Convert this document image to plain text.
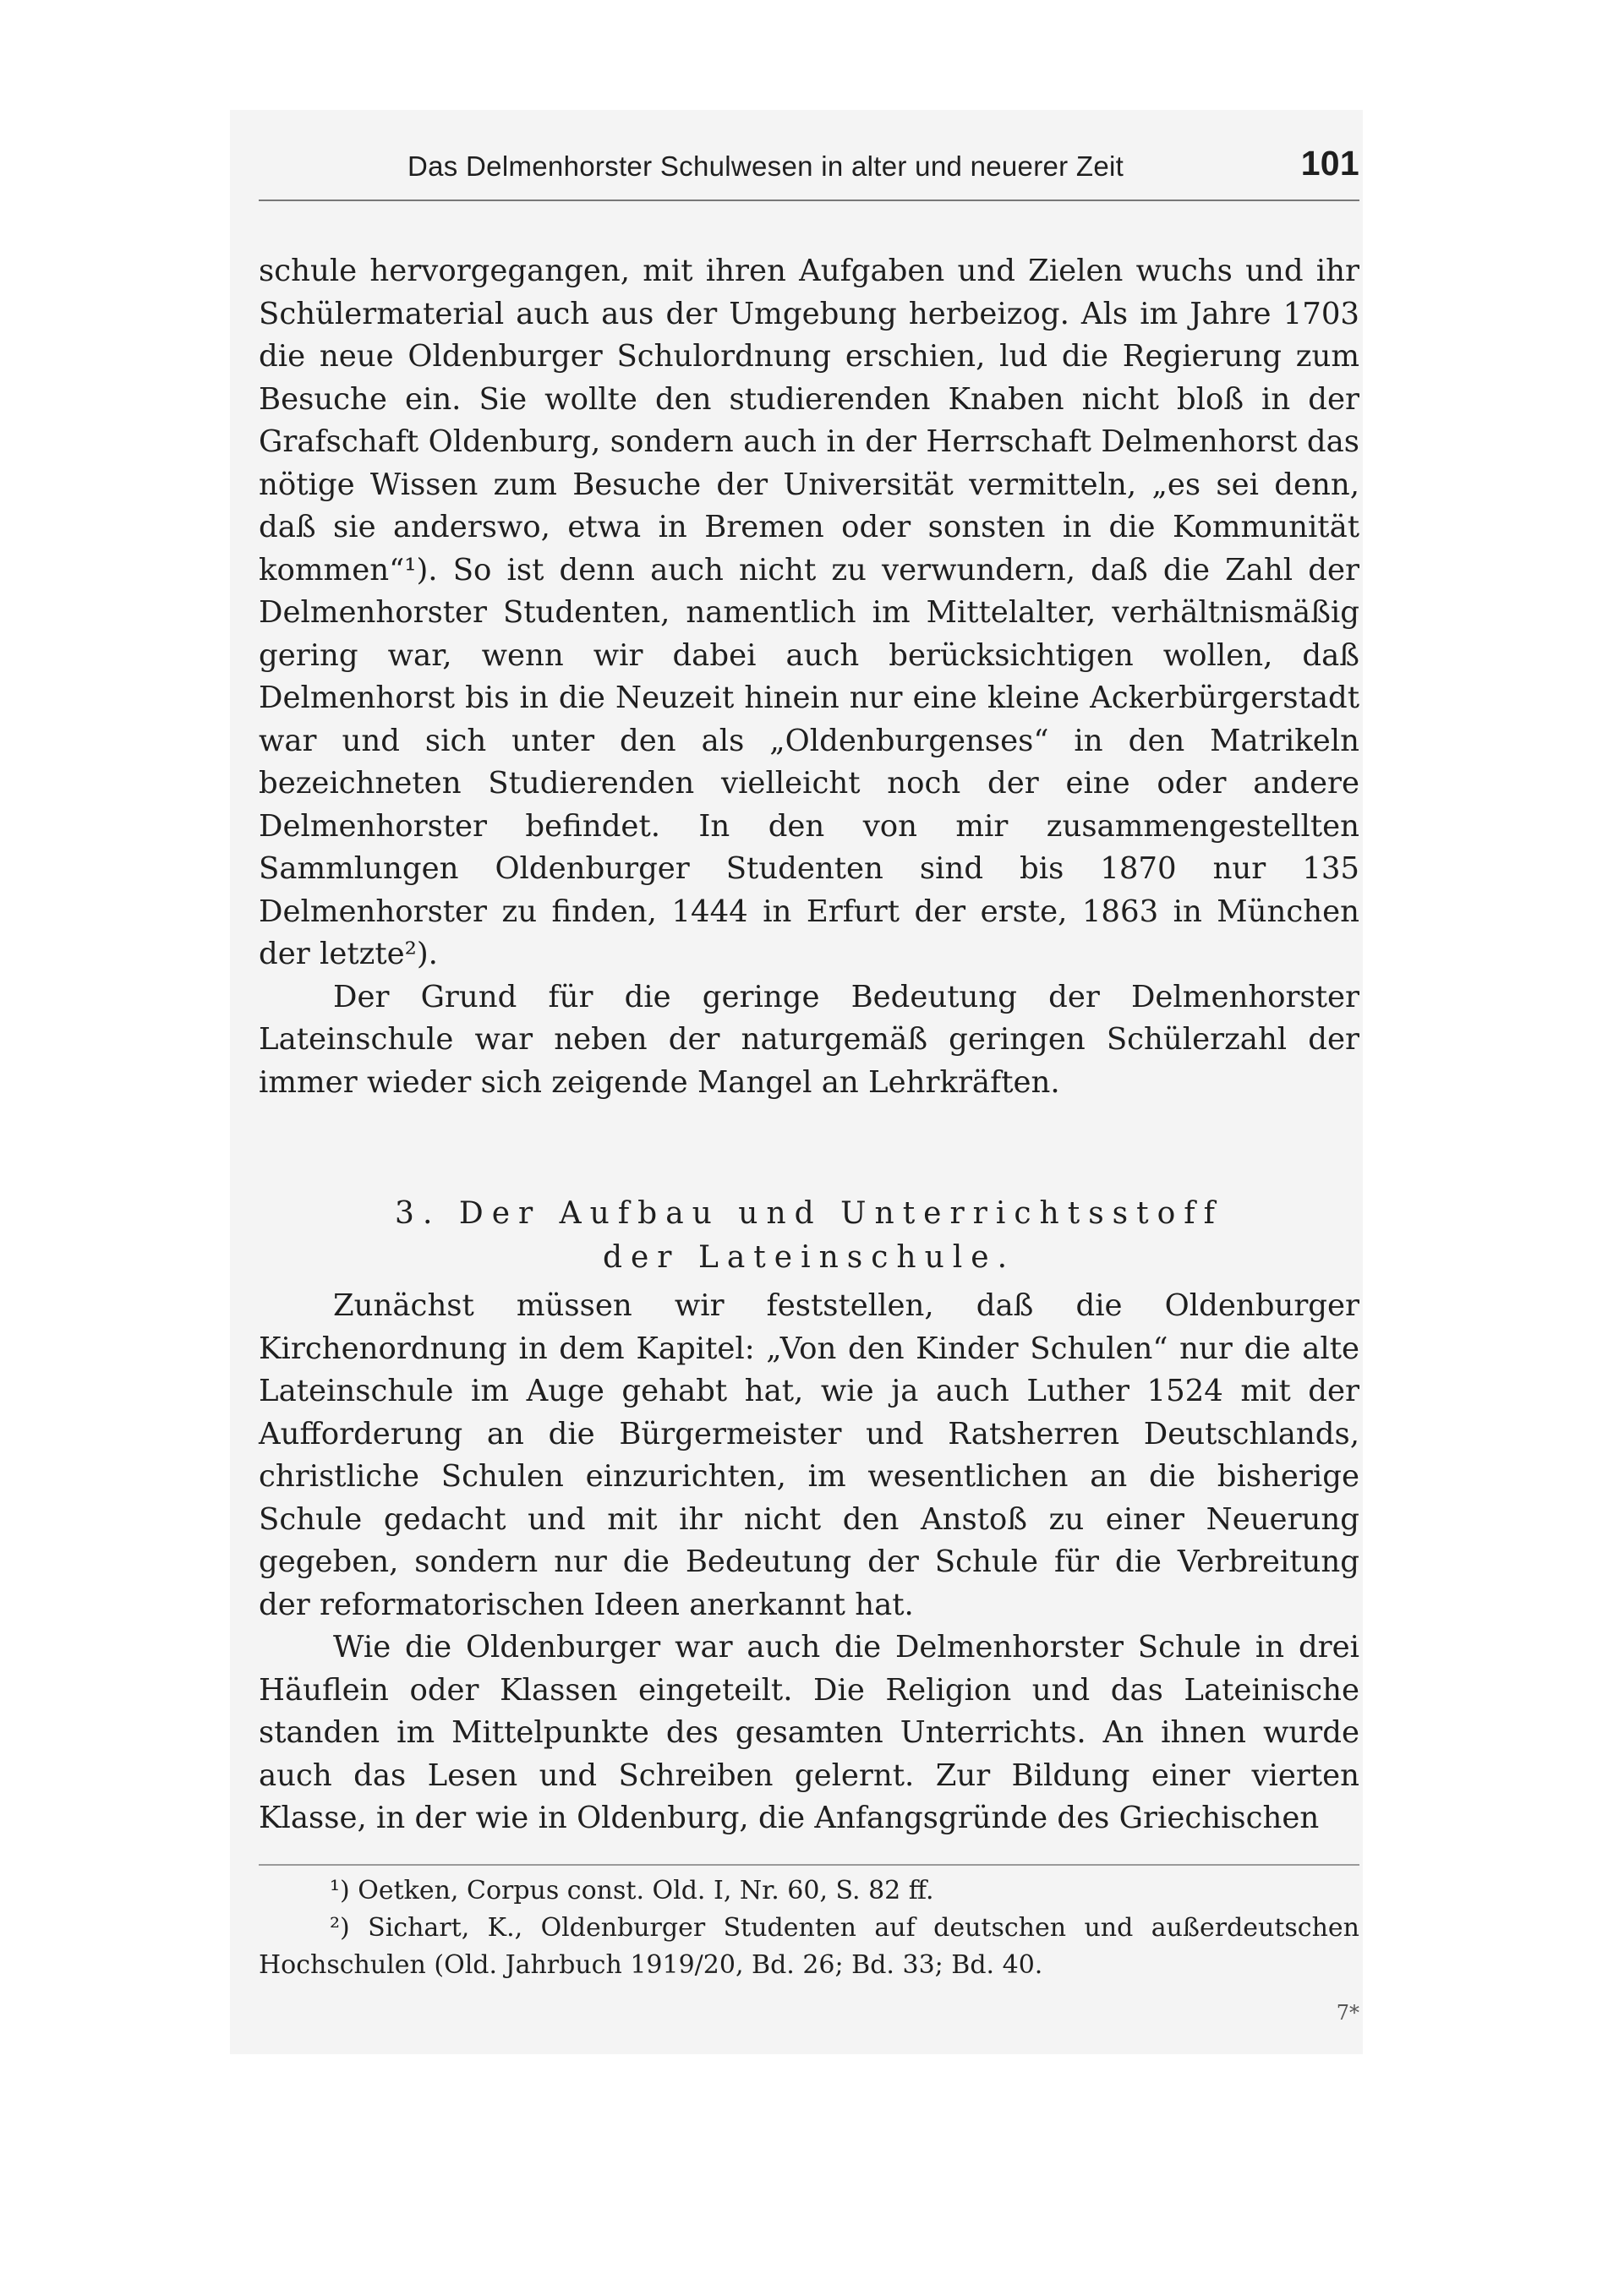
Das Delmenhorster Schulwesen in alter und neuerer Zeit	101

schule hervorgegangen, mit ihren Aufgaben und Zielen wuchs und ihr Schülermaterial auch aus der Umgebung herbeizog. Als im Jahre 1703 die neue Oldenburger Schulordnung erschien, lud die Regierung zum Besuche ein. Sie wollte den studierenden Knaben nicht bloß in der Grafschaft Oldenburg, sondern auch in der Herrschaft Delmenhorst das nötige Wissen zum Besuche der Universität vermitteln, „es sei denn, daß sie anderswo, etwa in Bremen oder sonsten in die Kommunität kommen“¹). So ist denn auch nicht zu verwundern, daß die Zahl der Delmenhorster Studenten, namentlich im Mittelalter, verhältnismäßig gering war, wenn wir dabei auch berücksichtigen wollen, daß Delmenhorst bis in die Neuzeit hinein nur eine kleine Ackerbürgerstadt war und sich unter den als „Oldenburgenses“ in den Matrikeln bezeichneten Studierenden vielleicht noch der eine oder andere Delmenhorster befindet. In den von mir zusammengestellten Sammlungen Oldenburger Studenten sind bis 1870 nur 135 Delmenhorster zu finden, 1444 in Erfurt der erste, 1863 in München der letzte²).

Der Grund für die geringe Bedeutung der Delmenhorster Lateinschule war neben der naturgemäß geringen Schülerzahl der immer wieder sich zeigende Mangel an Lehrkräften.

3. Der Aufbau und Unterrichtsstoff
der Lateinschule.

Zunächst müssen wir feststellen, daß die Oldenburger Kirchenordnung in dem Kapitel: „Von den Kinder Schulen“ nur die alte Lateinschule im Auge gehabt hat, wie ja auch Luther 1524 mit der Aufforderung an die Bürgermeister und Ratsherren Deutschlands, christliche Schulen einzurichten, im wesentlichen an die bisherige Schule gedacht und mit ihr nicht den Anstoß zu einer Neuerung gegeben, sondern nur die Bedeutung der Schule für die Verbreitung der reformatorischen Ideen anerkannt hat.

Wie die Oldenburger war auch die Delmenhorster Schule in drei Häuflein oder Klassen eingeteilt. Die Religion und das Lateinische standen im Mittelpunkte des gesamten Unterrichts. An ihnen wurde auch das Lesen und Schreiben gelernt. Zur Bildung einer vierten Klasse, in der wie in Oldenburg, die Anfangsgründe des Griechischen

¹) Oetken, Corpus const. Old. I, Nr. 60, S. 82 ff.

²) Sichart, K., Oldenburger Studenten auf deutschen und außerdeutschen Hochschulen (Old. Jahrbuch 1919/20, Bd. 26; Bd. 33; Bd. 40.

7*
